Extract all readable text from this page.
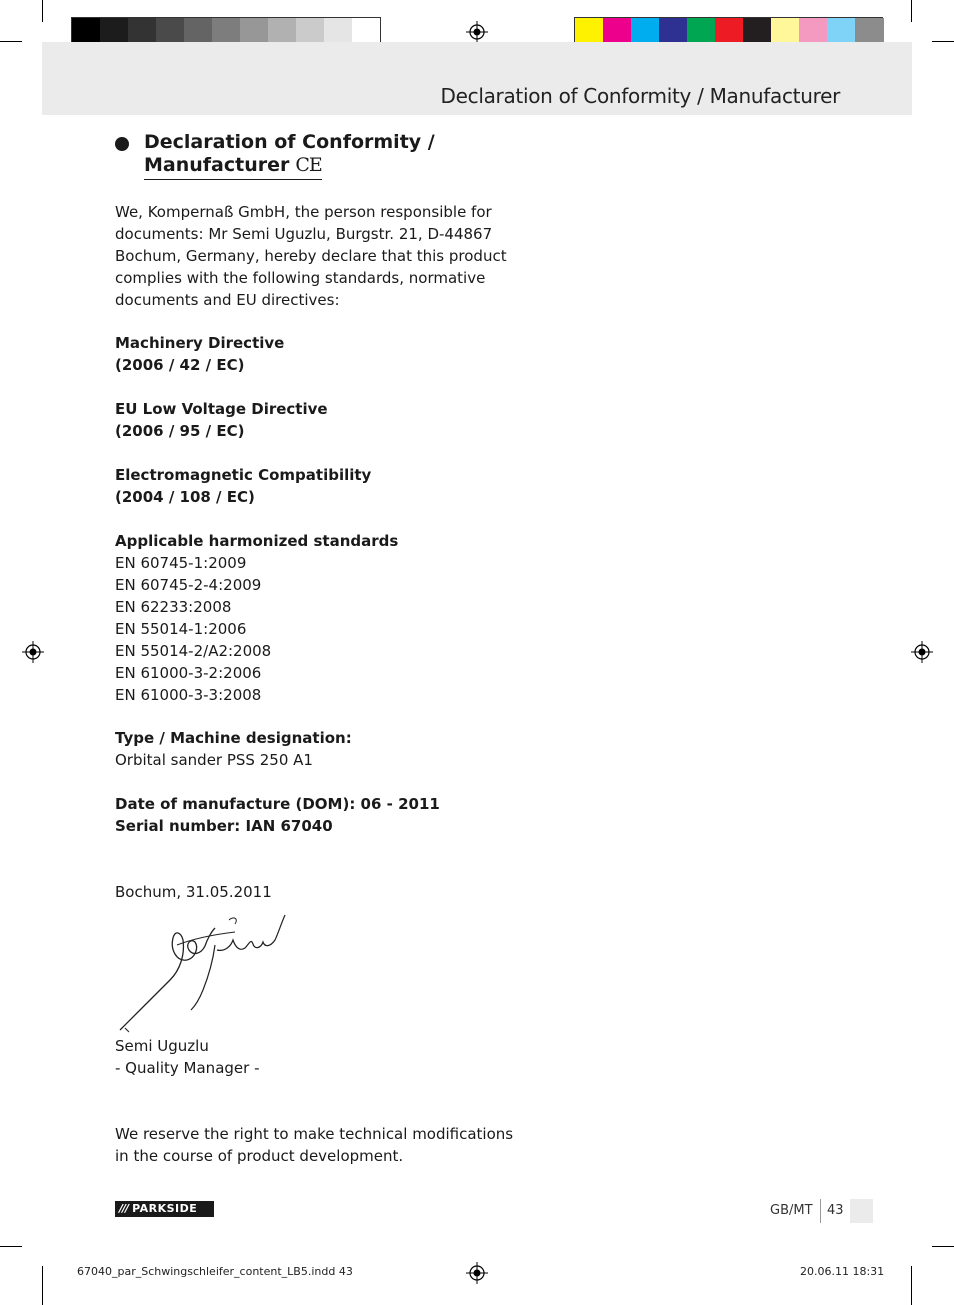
Declaration of Conformity / Manufacturer
Declaration of Conformity /
Manufacturer CE
We, Kompernaß GmbH, the person responsible for
documents: Mr Semi Uguzlu, Burgstr. 21, D-44867
Bochum, Germany, hereby declare that this product
complies with the following standards, normative
documents and EU directives:
Machinery Directive
(2006 / 42 / EC)
EU Low Voltage Directive
(2006 / 95 / EC)
Electromagnetic Compatibility
(2004 / 108 / EC)
Applicable harmonized standards
EN 60745-1:2009
EN 60745-2-4:2009
EN 62233:2008
EN 55014-1:2006
EN 55014-2/A2:2008
EN 61000-3-2:2006
EN 61000-3-3:2008
Type / Machine designation:
Orbital sander PSS 250 A1
Date of manufacture (DOM): 06 - 2011
Serial number: IAN 67040
Bochum, 31.05.2011
Semi Uguzlu
- Quality Manager -
We reserve the right to make technical modifications
in the course of product development.
/// PARKSIDE	GB/MT 43
67040_par_Schwingschleifer_content_LB5.indd 43	20.06.11 18:31
